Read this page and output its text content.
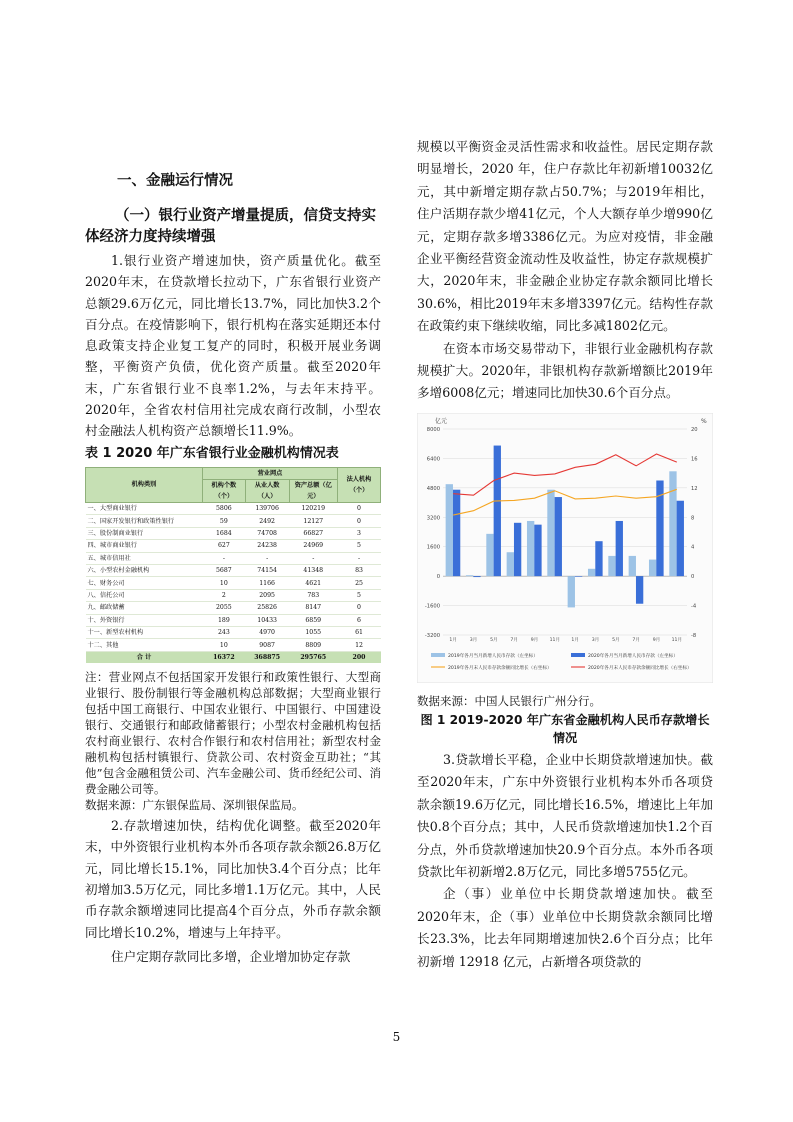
一、金融运行情况
（一）银行业资产增量提质，信贷支持实体经济力度持续增强

1.银行业资产增速加快，资产质量优化。截至2020年末，在贷款增长拉动下，广东省银行业资产总额29.6万亿元，同比增长13.7%，同比加快3.2个百分点。在疫情影响下，银行机构在落实延期还本付息政策支持企业复工复产的同时，积极开展业务调整，平衡资产负债，优化资产质量。截至2020年末，广东省银行业不良率1.2%，与去年末持平。2020年，全省农村信用社完成农商行改制，小型农村金融法人机构资产总额增长11.9%。

表 1 2020 年广东省银行业金融机构情况表
机构类别	营业网点			法人机构（个）
	机构个数（个）	从业人数（人）	资产总额（亿元）	
一、大型商业银行	5806	139706	120219	0
二、国家开发银行和政策性银行	59	2492	12127	0
三、股份制商业银行	1684	74708	66827	3
四、城市商业银行	627	24238	24969	5
五、城市信用社	-	-	-	-
六、小型农村金融机构	5687	74154	41348	83
七、财务公司	10	1166	4621	25
八、信托公司	2	2095	783	5
九、邮政储蓄	2055	25826	8147	0
十、外资银行	189	10433	6859	6
十一、新型农村机构	243	4970	1055	61
十二、其他	10	9087	8809	12
合 计	16372	368875	295765	200

注：营业网点不包括国家开发银行和政策性银行、大型商业银行、股份制银行等金融机构总部数据；大型商业银行包括中国工商银行、中国农业银行、中国银行、中国建设银行、交通银行和邮政储蓄银行；小型农村金融机构包括农村商业银行、农村合作银行和农村信用社；新型农村金融机构包括村镇银行、贷款公司、农村资金互助社；“其他”包含金融租赁公司、汽车金融公司、货币经纪公司、消费金融公司等。

数据来源：广东银保监局、深圳银保监局。

2.存款增速加快，结构优化调整。截至2020年末，中外资银行业机构本外币各项存款余额26.8万亿元，同比增长15.1%，同比加快3.4个百分点；比年初增加3.5万亿元，同比多增1.1万亿元。其中，人民币存款余额增速同比提高4个百分点，外币存款余额同比增长10.2%，增速与上年持平。

住户定期存款同比多增，企业增加协定存款

规模以平衡资金灵活性需求和收益性。居民定期存款明显增长，2020 年，住户存款比年初新增10032亿元，其中新增定期存款占50.7%；与2019年相比，住户活期存款少增41亿元，个人大额存单少增990亿元，定期存款多增3386亿元。为应对疫情，非金融企业平衡经营资金流动性及收益性，协定存款规模扩大，2020年末，非金融企业协定存款余额同比增长30.6%，相比2019年末多增3397亿元。结构性存款在政策约束下继续收缩，同比多减1802亿元。

在资本市场交易带动下，非银行业金融机构存款规模扩大。2020年，非银机构存款新增额比2019年多增6008亿元；增速同比加快30.6个百分点。

亿元	%
8000	20
6400	16
4800	12
3200	8
1600	4
0	0
-1600	-4
-3200	-8
1月	3月	5月	7月	9月 11月 1月	3月	5月	7月	9月 11月
2019年各月当月新增人民币存款（左坐标）	2020年各月当月新增人民币存款（左坐标）
2019年各月末人民币存款余额同比增长（右坐标）	2020年各月末人民币存款余额同比增长（右坐标）

数据来源：中国人民银行广州分行。

图 1 2019-2020 年广东省金融机构人民币存款增长情况

3.贷款增长平稳，企业中长期贷款增速加快。截至2020年末，广东中外资银行业机构本外币各项贷款余额19.6万亿元，同比增长16.5%，增速比上年加快0.8个百分点；其中，人民币贷款增速加快1.2个百分点，外币贷款增速加快20.9个百分点。本外币各项贷款比年初新增2.8万亿元，同比多增5755亿元。

企（事）业单位中长期贷款增速加快。截至2020年末，企（事）业单位中长期贷款余额同比增长23.3%，比去年同期增速加快2.6个百分点；比年初新增 12918 亿元，占新增各项贷款的

5
